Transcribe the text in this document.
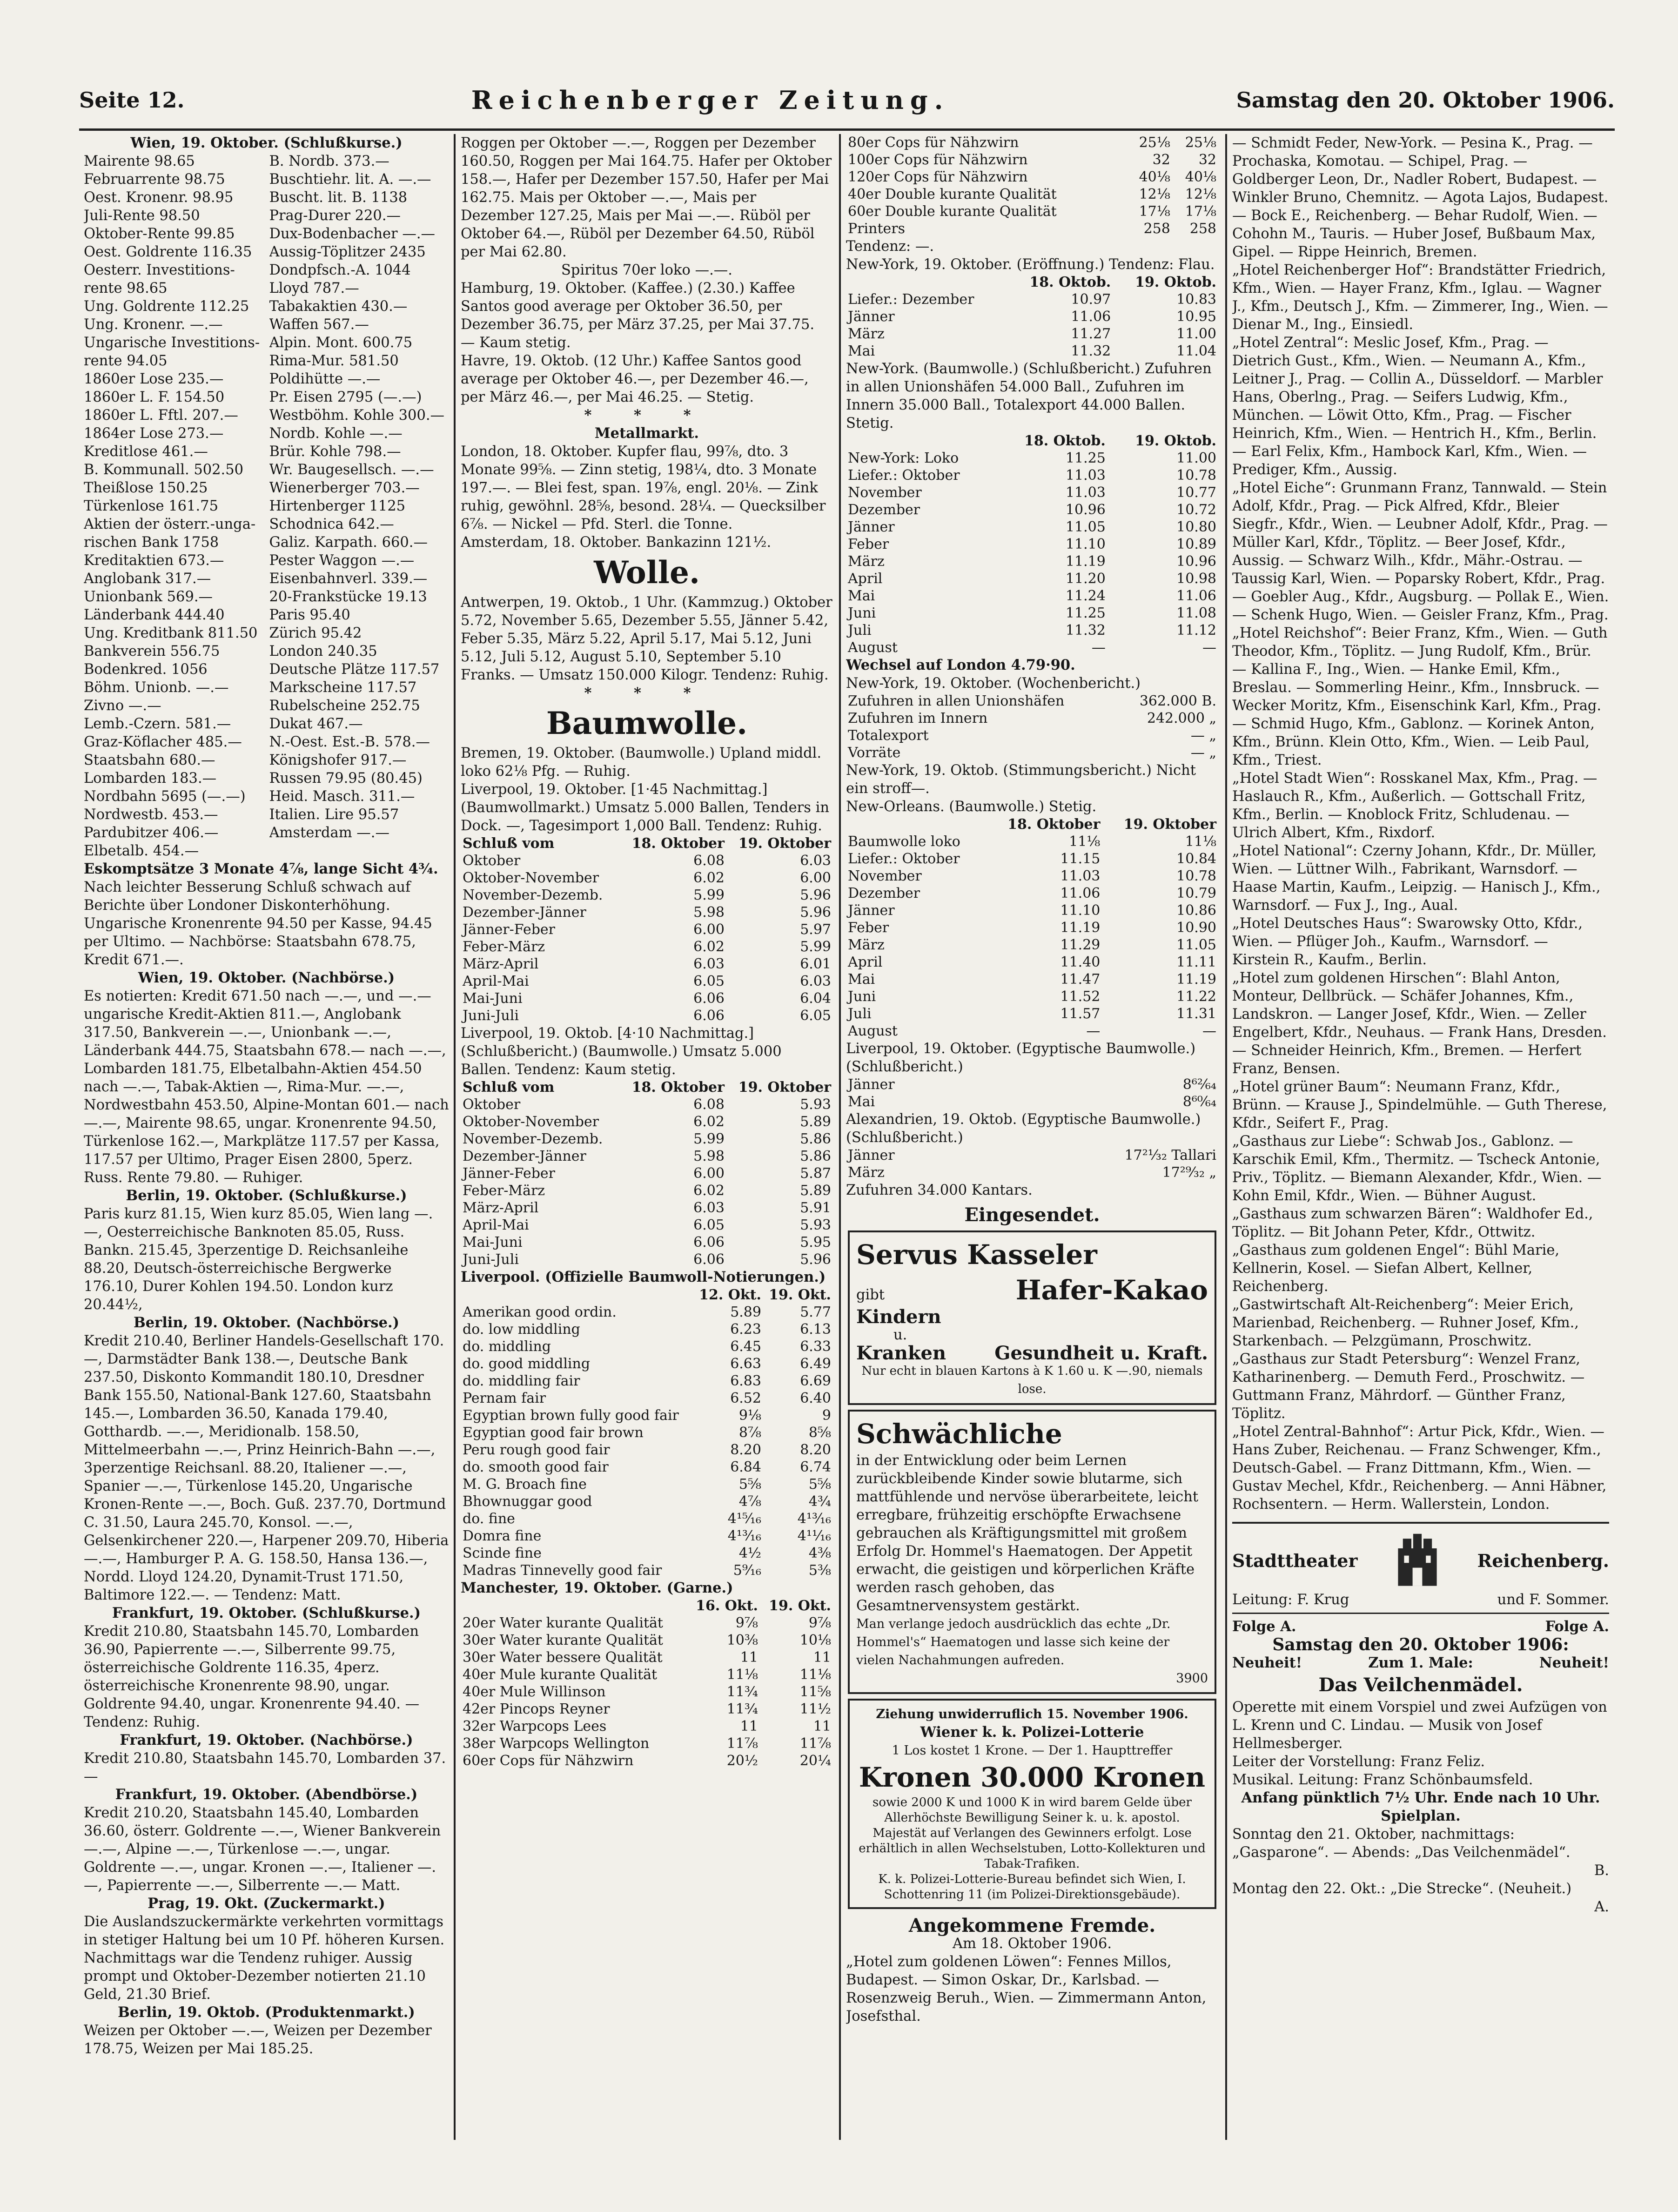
Seite 12.	Reichenberger Zeitung.	Samstag den 20. Oktober 1906.

Wien, 19. Oktober. (Schlußkurse.)

Mairente 98.65	B. Nordb. 373.—
Februarrente 98.75	Buschtiehr. lit. A. —.—
Oest. Kronenr. 98.95	Buscht. lit. B. 1138
Juli-Rente 98.50	Prag-Durer 220.—
Oktober-Rente 99.85	Dux-Bodenbacher —.—
Oest. Goldrente 116.35	Aussig-Töplitzer 2435
Oesterr. Investitions-	Dondpfsch.-A. 1044
rente 98.65	Lloyd 787.—
Ung. Goldrente 112.25	Tabakaktien 430.—
Ung. Kronenr. —.—	Waffen 567.—
Ungarische Investitions- Alpin. Mont. 600.75
rente 94.05	Rima-Mur. 581.50
1860er Lose 235.—	Poldihütte —.—
1860er L. F. 154.50	Pr. Eisen 2795 (—.—)
1860er L. Fftl. 207.—	Westböhm. Kohle 300.—
1864er Lose 273.—	Nordb. Kohle —.—
Kreditlose 461.—	Brür. Kohle 798.—
B. Kommunall. 502.50	Wr. Baugesellsch. —.—
Theißlose 150.25	Wienerberger 703.—
Türkenlose 161.75	Hirtenberger 1125
Aktien der österr.-unga- Schodnica 642.—
rischen Bank 1758	Galiz. Karpath. 660.—
Kreditaktien 673.—	Pester Waggon —.—
Anglobank 317.—	Eisenbahnverl. 339.—
Unionbank 569.—	20-Frankstücke 19.13
Länderbank 444.40	Paris 95.40
Ung. Kreditbank 811.50 Zürich 95.42
Bankverein 556.75	London 240.35
Bodenkred. 1056	Deutsche Plätze 117.57
Böhm. Unionb. —.—	Markscheine 117.57
Zivno —.—	Rubelscheine 252.75
Lemb.-Czern. 581.—	Dukat 467.—
Graz-Köflacher 485.—	N.-Oest. Est.-B. 578.—
Staatsbahn 680.—	Königshofer 917.—
Lombarden 183.—	Russen 79.95 (80.45)
Nordbahn 5695 (—.—)	Heid. Masch. 311.—
Nordwestb. 453.—	Italien. Lire 95.57
Pardubitzer 406.—	Amsterdam —.—
Elbetalb. 454.—

Eskomptsätze 3 Monate 4⅞, lange Sicht 4¾.

Nach leichter Besserung Schluß schwach auf Berichte über Londoner Diskonterhöhung. Ungarische Kronenrente 94.50 per Kasse, 94.45 per Ultimo. — Nachbörse: Staatsbahn 678.75, Kredit 671.—.

Wien, 19. Oktober. (Nachbörse.)

Es notierten: Kredit 671.50 nach —.—, und —.— ungarische Kredit-Aktien 811.—, Anglobank 317.50, Bankverein —.—, Unionbank —.—, Länderbank 444.75, Staatsbahn 678.— nach —.—, Lombarden 181.75, Elbetalbahn-Aktien 454.50 nach —.—, Tabak-Aktien —, Rima-Mur. —.—, Nordwestbahn 453.50, Alpine-Montan 601.— nach —.—, Mairente 98.65, ungar. Kronenrente 94.50, Türkenlose 162.—, Markplätze 117.57 per Kassa, 117.57 per Ultimo, Prager Eisen 2800, 5perz. Russ. Rente 79.80. — Ruhiger.

Berlin, 19. Oktober. (Schlußkurse.)

Paris kurz 81.15, Wien kurz 85.05, Wien lang —.—, Oesterreichische Banknoten 85.05, Russ. Bankn. 215.45, 3perzentige D. Reichsanleihe 88.20, Deutsch-österreichische Bergwerke 176.10, Durer Kohlen 194.50. London kurz 20.44½,

Berlin, 19. Oktober. (Nachbörse.)

Kredit 210.40, Berliner Handels-Gesellschaft 170.—, Darmstädter Bank 138.—, Deutsche Bank 237.50, Diskonto Kommandit 180.10, Dresdner Bank 155.50, National-Bank 127.60, Staatsbahn 145.—, Lombarden 36.50, Kanada 179.40, Gotthardb. —.—, Meridionalb. 158.50, Mittelmeerbahn —.—, Prinz Heinrich-Bahn —.—, 3perzentige Reichsanl. 88.20, Italiener —.—, Spanier —.—, Türkenlose 145.20, Ungarische Kronen-Rente —.—, Boch. Guß. 237.70, Dortmund C. 31.50, Laura 245.70, Konsol. —.—, Gelsenkirchener 220.—, Harpener 209.70, Hiberia —.—, Hamburger P. A. G. 158.50, Hansa 136.—, Nordd. Lloyd 124.20, Dynamit-Trust 171.50, Baltimore 122.—. — Tendenz: Matt.

Frankfurt, 19. Oktober. (Schlußkurse.)

Kredit 210.80, Staatsbahn 145.70, Lombarden 36.90, Papierrente —.—, Silberrente 99.75, österreichische Goldrente 116.35, 4perz. österreichische Kronenrente 98.90, ungar. Goldrente 94.40, ungar. Kronenrente 94.40. — Tendenz: Ruhig.

Frankfurt, 19. Oktober. (Nachbörse.)

Kredit 210.80, Staatsbahn 145.70, Lombarden 37.—

Frankfurt, 19. Oktober. (Abendbörse.)

Kredit 210.20, Staatsbahn 145.40, Lombarden 36.60, österr. Goldrente —.—, Wiener Bankverein —.—, Alpine —.—, Türkenlose —.—, ungar. Goldrente —.—, ungar. Kronen —.—, Italiener —.—, Papierrente —.—, Silberrente —.— Matt.

Prag, 19. Okt. (Zuckermarkt.)

Die Auslandszuckermärkte verkehrten vormittags in stetiger Haltung bei um 10 Pf. höheren Kursen. Nachmittags war die Tendenz ruhiger. Aussig prompt und Oktober-Dezember notierten 21.10 Geld, 21.30 Brief.

Berlin, 19. Oktob. (Produktenmarkt.)

Weizen per Oktober —.—, Weizen per Dezember 178.75, Weizen per Mai 185.25.

Roggen per Oktober —.—, Roggen per Dezember 160.50, Roggen per Mai 164.75. Hafer per Oktober 158.—, Hafer per Dezember 157.50, Hafer per Mai 162.75. Mais per Oktober —.—, Mais per Dezember 127.25, Mais per Mai —.—. Rüböl per Oktober 64.—, Rüböl per Dezember 64.50, Rüböl per Mai 62.80.

Spiritus 70er loko —.—.

Hamburg, 19. Oktober. (Kaffee.) (2.30.) Kaffee Santos good average per Oktober 36.50, per Dezember 36.75, per März 37.25, per Mai 37.75. — Kaum stetig.

Havre, 19. Oktob. (12 Uhr.) Kaffee Santos good average per Oktober 46.—, per Dezember 46.—, per März 46.—, per Mai 46.25. — Stetig.

* * *

Metallmarkt.

London, 18. Oktober. Kupfer flau, 99⅞, dto. 3 Monate 99⅝. — Zinn stetig, 198¼, dto. 3 Monate 197.—. — Blei fest, span. 19⅞, engl. 20⅛. — Zink ruhig, gewöhnl. 28⅝, besond. 28¼. — Quecksilber 6⅞. — Nickel — Pfd. Sterl. die Tonne.

Amsterdam, 18. Oktober. Bankazinn 121½.

Wolle.

Antwerpen, 19. Oktob., 1 Uhr. (Kammzug.) Oktober 5.72, November 5.65, Dezember 5.55, Jänner 5.42, Feber 5.35, März 5.22, April 5.17, Mai 5.12, Juni 5.12, Juli 5.12, August 5.10, September 5.10 Franks. — Umsatz 150.000 Kilogr. Tendenz: Ruhig.

* * *

Baumwolle.

Bremen, 19. Oktober. (Baumwolle.) Upland middl. loko 62⅛ Pfg. — Ruhig.

Liverpool, 19. Oktober. [1·45 Nachmittag.] (Baumwollmarkt.) Umsatz 5.000 Ballen, Tenders in Dock. —, Tagesimport 1,000 Ball. Tendenz: Ruhig.

Schluß vom	18. Oktober	19. Oktober
Oktober	6.08	6.03
Oktober-November	6.02	6.00
November-Dezemb.	5.99	5.96
Dezember-Jänner	5.98	5.96
Jänner-Feber	6.00	5.97
Feber-März	6.02	5.99
März-April	6.03	6.01
April-Mai	6.05	6.03
Mai-Juni	6.06	6.04
Juni-Juli	6.06	6.05

Liverpool, 19. Oktob. [4·10 Nachmittag.] (Schlußbericht.) (Baumwolle.) Umsatz 5.000 Ballen. Tendenz: Kaum stetig.

Schluß vom	18. Oktober	19. Oktober
Oktober	6.08	5.93
Oktober-November	6.02	5.89
November-Dezemb.	5.99	5.86
Dezember-Jänner	5.98	5.86
Jänner-Feber	6.00	5.87
Feber-März	6.02	5.89
März-April	6.03	5.91
April-Mai	6.05	5.93
Mai-Juni	6.06	5.95
Juni-Juli	6.06	5.96

Liverpool. (Offizielle Baumwoll-Notierungen.)

	12. Okt.	19. Okt.
Amerikan good ordin.	5.89	5.77
do. low middling	6.23	6.13
do. middling	6.45	6.33
do. good middling	6.63	6.49
do. middling fair	6.83	6.69
Pernam fair	6.52	6.40
Egyptian brown fully good fair	9⅛	9
Egyptian good fair brown	8⅞	8⅝
Peru rough good fair	8.20	8.20
do. smooth good fair	6.84	6.74
M. G. Broach fine	5⅝	5⅝
Bhownuggar good	4⅞	4¾
do. fine	4¹⁵⁄₁₆	4¹³⁄₁₆
Domra fine	4¹³⁄₁₆	4¹¹⁄₁₆
Scinde fine	4½	4⅜
Madras Tinnevelly good fair	5⁹⁄₁₆	5⅜

Manchester, 19. Oktober. (Garne.)

	16. Okt.	19. Okt.
20er Water kurante Qualität	9⅞	9⅞
30er Water kurante Qualität	10⅜	10⅛
30er Water bessere Qualität	11	11
40er Mule kurante Qualität	11⅛	11⅛
40er Mule Willinson	11¾	11⅝
42er Pincops Reyner	11¾	11½
32er Warpcops Lees	11	11
38er Warpcops Wellington	11⅞	11⅞
60er Cops für Nähzwirn	20½	20¼
80er Cops für Nähzwirn	25⅛	25⅛
100er Cops für Nähzwirn	32	32
120er Cops für Nähzwirn	40⅛	40⅛
40er Double kurante Qualität	12⅛	12⅛
60er Double kurante Qualität	17⅛	17⅛
Printers	258	258

Tendenz: —.

New-York, 19. Oktober. (Eröffnung.) Tendenz: Flau.

	18. Oktob.	19. Oktob.
Liefer.: Dezember	10.97	10.83
Jänner	11.06	10.95
März	11.27	11.00
Mai	11.32	11.04

New-York. (Baumwolle.) (Schlußbericht.) Zufuhren in allen Unionshäfen 54.000 Ball., Zufuhren im Innern 35.000 Ball., Totalexport 44.000 Ballen. Stetig.

	18. Oktob.	19. Oktob.
New-York: Loko	11.25	11.00
Liefer.: Oktober	11.03	10.78
November	11.03	10.77
Dezember	10.96	10.72
Jänner	11.05	10.80
Feber	11.10	10.89
März	11.19	10.96
April	11.20	10.98
Mai	11.24	11.06
Juni	11.25	11.08
Juli	11.32	11.12
August	—	—

Wechsel auf London 4.79·90.

New-York, 19. Oktober. (Wochenbericht.)

Zufuhren in allen Unionshäfen	362.000 B.
Zufuhren im Innern	242.000 „
Totalexport	— „
Vorräte	— „

New-York, 19. Oktob. (Stimmungsbericht.) Nicht ein stroff—.

New-Orleans. (Baumwolle.) Stetig.

	18. Oktober	19. Oktober
Baumwolle loko	11⅛	11⅛
Liefer.: Oktober	11.15	10.84
November	11.03	10.78
Dezember	11.06	10.79
Jänner	11.10	10.86
Feber	11.19	10.90
März	11.29	11.05
April	11.40	11.11
Mai	11.47	11.19
Juni	11.52	11.22
Juli	11.57	11.31
August	—	—

Liverpool, 19. Oktober. (Egyptische Baumwolle.) (Schlußbericht.)

Jänner	8⁶²⁄₆₄
Mai	8⁶⁰⁄₆₄

Alexandrien, 19. Oktob. (Egyptische Baumwolle.) (Schlußbericht.)

Jänner	17²¹⁄₃₂ Tallari
März	17²⁹⁄₃₂ „

Zufuhren 34.000 Kantars.

Eingesendet.

Servus Kasseler
gibt	Hafer-Kakao
Kindern
u.
Kranken	Gesundheit u. Kraft.
Nur echt in blauen Kartons à K 1.60 u. K —.90, niemals lose.
Schwächliche
in der Entwicklung oder beim Lernen zurückbleibende Kinder sowie blutarme, sich mattfühlende und nervöse überarbeitete, leicht erregbare, frühzeitig erschöpfte Erwachsene gebrauchen als Kräftigungsmittel mit großem Erfolg Dr. Hommel's Haematogen. Der Appetit erwacht, die geistigen und körperlichen Kräfte werden rasch gehoben, das Gesamtnervensystem gestärkt.
Man verlange jedoch ausdrücklich das echte „Dr. Hommel's“ Haematogen und lasse sich keine der vielen Nachahmungen aufreden.
3900
Ziehung unwiderruflich 15. November 1906.
Wiener k. k. Polizei-Lotterie
1 Los kostet 1 Krone. — Der 1. Haupttreffer
Kronen 30.000 Kronen
sowie 2000 K und 1000 K in wird barem Gelde über Allerhöchste Bewilligung Seiner k. u. k. apostol. Majestät auf Verlangen des Gewinners erfolgt. Lose erhältlich in allen Wechselstuben, Lotto-Kollekturen und Tabak-Trafiken.
K. k. Polizei-Lotterie-Bureau befindet sich Wien, I. Schottenring 11 (im Polizei-Direktionsgebäude).

Angekommene Fremde.

Am 18. Oktober 1906.

„Hotel zum goldenen Löwen“: Fennes Millos, Budapest. — Simon Oskar, Dr., Karlsbad. — Rosenzweig Beruh., Wien. — Zimmermann Anton, Josefsthal.

— Schmidt Feder, New-York. — Pesina K., Prag. — Prochaska, Komotau. — Schipel, Prag. — Goldberger Leon, Dr., Nadler Robert, Budapest. — Winkler Bruno, Chemnitz. — Agota Lajos, Budapest. — Bock E., Reichenberg. — Behar Rudolf, Wien. — Cohohn M., Tauris. — Huber Josef, Bußbaum Max, Gipel. — Rippe Heinrich, Bremen.

„Hotel Reichenberger Hof“: Brandstätter Friedrich, Kfm., Wien. — Hayer Franz, Kfm., Iglau. — Wagner J., Kfm., Deutsch J., Kfm. — Zimmerer, Ing., Wien. — Dienar M., Ing., Einsiedl.

„Hotel Zentral“: Meslic Josef, Kfm., Prag. — Dietrich Gust., Kfm., Wien. — Neumann A., Kfm., Leitner J., Prag. — Collin A., Düsseldorf. — Marbler Hans, Oberlng., Prag. — Seifers Ludwig, Kfm., München. — Löwit Otto, Kfm., Prag. — Fischer Heinrich, Kfm., Wien. — Hentrich H., Kfm., Berlin. — Earl Felix, Kfm., Hambock Karl, Kfm., Wien. — Prediger, Kfm., Aussig.

„Hotel Eiche“: Grunmann Franz, Tannwald. — Stein Adolf, Kfdr., Prag. — Pick Alfred, Kfdr., Bleier Siegfr., Kfdr., Wien. — Leubner Adolf, Kfdr., Prag. — Müller Karl, Kfdr., Töplitz. — Beer Josef, Kfdr., Aussig. — Schwarz Wilh., Kfdr., Mähr.-Ostrau. — Taussig Karl, Wien. — Poparsky Robert, Kfdr., Prag. — Goebler Aug., Kfdr., Augsburg. — Pollak E., Wien. — Schenk Hugo, Wien. — Geisler Franz, Kfm., Prag.

„Hotel Reichshof“: Beier Franz, Kfm., Wien. — Guth Theodor, Kfm., Töplitz. — Jung Rudolf, Kfm., Brür. — Kallina F., Ing., Wien. — Hanke Emil, Kfm., Breslau. — Sommerling Heinr., Kfm., Innsbruck. — Wecker Moritz, Kfm., Eisenschink Karl, Kfm., Prag. — Schmid Hugo, Kfm., Gablonz. — Korinek Anton, Kfm., Brünn. Klein Otto, Kfm., Wien. — Leib Paul, Kfm., Triest.

„Hotel Stadt Wien“: Rosskanel Max, Kfm., Prag. — Haslauch R., Kfm., Außerlich. — Gottschall Fritz, Kfm., Berlin. — Knoblock Fritz, Schludenau. — Ulrich Albert, Kfm., Rixdorf.

„Hotel National“: Czerny Johann, Kfdr., Dr. Müller, Wien. — Lüttner Wilh., Fabrikant, Warnsdorf. — Haase Martin, Kaufm., Leipzig. — Hanisch J., Kfm., Warnsdorf. — Fux J., Ing., Aual.

„Hotel Deutsches Haus“: Swarowsky Otto, Kfdr., Wien. — Pflüger Joh., Kaufm., Warnsdorf. — Kirstein R., Kaufm., Berlin.

„Hotel zum goldenen Hirschen“: Blahl Anton, Monteur, Dellbrück. — Schäfer Johannes, Kfm., Landskron. — Langer Josef, Kfdr., Wien. — Zeller Engelbert, Kfdr., Neuhaus. — Frank Hans, Dresden. — Schneider Heinrich, Kfm., Bremen. — Herfert Franz, Bensen.

„Hotel grüner Baum“: Neumann Franz, Kfdr., Brünn. — Krause J., Spindelmühle. — Guth Therese, Kfdr., Seifert F., Prag.

„Gasthaus zur Liebe“: Schwab Jos., Gablonz. — Karschik Emil, Kfm., Thermitz. — Tscheck Antonie, Priv., Töplitz. — Biemann Alexander, Kfdr., Wien. — Kohn Emil, Kfdr., Wien. — Bühner August.

„Gasthaus zum schwarzen Bären“: Waldhofer Ed., Töplitz. — Bit Johann Peter, Kfdr., Ottwitz.

„Gasthaus zum goldenen Engel“: Bühl Marie, Kellnerin, Kosel. — Siefan Albert, Kellner, Reichenberg.

„Gastwirtschaft Alt-Reichenberg“: Meier Erich, Marienbad, Reichenberg. — Ruhner Josef, Kfm., Starkenbach. — Pelzgümann, Proschwitz.

„Gasthaus zur Stadt Petersburg“: Wenzel Franz, Katharinenberg. — Demuth Ferd., Proschwitz. — Guttmann Franz, Mährdorf. — Günther Franz, Töplitz.

„Hotel Zentral-Bahnhof“: Artur Pick, Kfdr., Wien. — Hans Zuber, Reichenau. — Franz Schwenger, Kfm., Deutsch-Gabel. — Franz Dittmann, Kfm., Wien. — Gustav Mechel, Kfdr., Reichenberg. — Anni Häbner, Rochsentern. — Herm. Wallerstein, London.

Stadttheater	Reichenberg.
Leitung: F. Krug	und F. Sommer.
Folge A.	Folge A.
Samstag den 20. Oktober 1906:
Neuheit!	Zum 1. Male:	Neuheit!
Das Veilchenmädel.

Operette mit einem Vorspiel und zwei Aufzügen von L. Krenn und C. Lindau. — Musik von Josef Hellmesberger.

Leiter der Vorstellung: Franz Feliz.

Musikal. Leitung: Franz Schönbaumsfeld.

Anfang pünktlich 7½ Uhr. Ende nach 10 Uhr.

Spielplan.

Sonntag den 21. Oktober, nachmittags: „Gasparone“. — Abends: „Das Veilchenmädel“.

B.

Montag den 22. Okt.: „Die Strecke“. (Neuheit.)

A.
